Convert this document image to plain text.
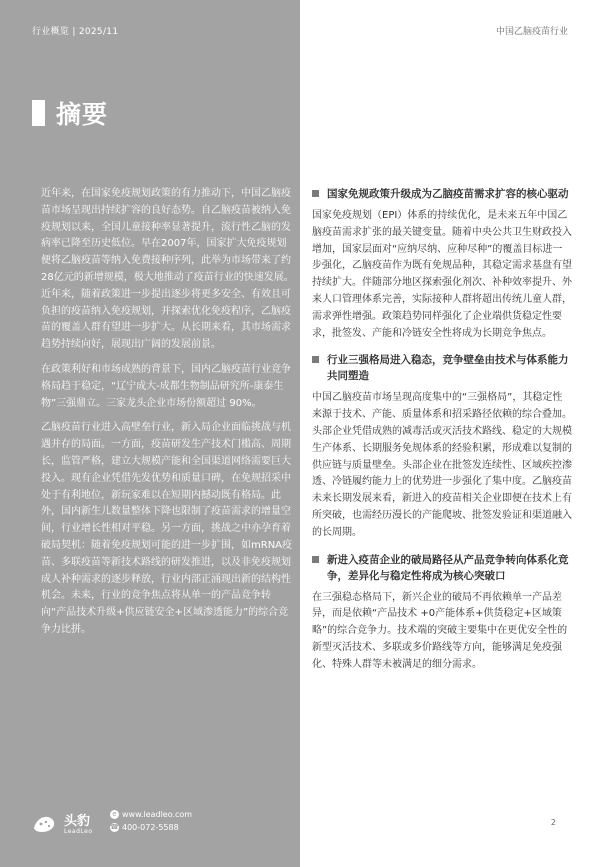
行业概览 | 2025/11	中国乙脑疫苗行业
摘要

近年来，在国家免疫规划政策的有力推动下，中国乙脑疫苗市场呈现出持续扩容的良好态势。自乙脑疫苗被纳入免疫规划以来，全国儿童接种率显著提升，流行性乙脑的发病率已降至历史低位。早在2007年，国家扩大免疫规划便将乙脑疫苗等纳入免费接种序列，此举为市场带来了约28亿元的新增规模，极大地推动了疫苗行业的快速发展。近年来，随着政策进一步提出逐步将更多安全、有效且可负担的疫苗纳入免疫规划，并探索优化免疫程序，乙脑疫苗的覆盖人群有望进一步扩大。从长期来看，其市场需求趋势持续向好，展现出广阔的发展前景。

在政策利好和市场成熟的背景下，国内乙脑疫苗行业竞争格局趋于稳定，“辽宁成大-成都生物制品研究所-康泰生物”三强鼎立。三家龙头企业市场份额超过 90%。

乙脑疫苗行业进入高壁垒行业，新入局企业面临挑战与机遇并存的局面。一方面，疫苗研发生产技术门槛高、周期长，监管严格，建立大规模产能和全国渠道网络需要巨大投入。现有企业凭借先发优势和质量口碑，在免规招采中处于有利地位，新玩家难以在短期内撼动既有格局。此外，国内新生儿数量整体下降也限制了疫苗需求的增量空间，行业增长性相对平稳。另一方面，挑战之中亦孕育着破局契机：随着免疫规划可能的进一步扩围，如mRNA疫苗、多联疫苗等新技术路线的研发推进，以及非免疫规划成人补种需求的逐步释放，行业内部正涌现出新的结构性机会。未来，行业的竞争焦点将从单一的产品竞争转向“产品技术升级+供应链安全+区域渗透能力”的综合竞争力比拼。

国家免规政策升级成为乙脑疫苗需求扩容的核心驱动

国家免疫规划（EPI）体系的持续优化，是未来五年中国乙脑疫苗需求扩张的最关键变量。随着中央公共卫生财政投入增加，国家层面对“应纳尽纳、应种尽种”的覆盖目标进一步强化，乙脑疫苗作为既有免规品种，其稳定需求基盘有望持续扩大。伴随部分地区探索强化剂次、补种效率提升、外来人口管理体系完善，实际接种人群将超出传统儿童人群，需求弹性增强。政策趋势同样强化了企业端供货稳定性要求，批签发、产能和冷链安全性将成为长期竞争焦点。

行业三强格局进入稳态，竞争壁垒由技术与体系能力共同塑造

中国乙脑疫苗市场呈现高度集中的“三强格局”，其稳定性来源于技术、产能、质量体系和招采路径依赖的综合叠加。头部企业凭借成熟的减毒活或灭活技术路线、稳定的大规模生产体系、长期服务免规体系的经验积累，形成难以复制的供应链与质量壁垒。头部企业在批签发连续性、区域疾控渗透、冷链履约能力上的优势进一步强化了集中度。乙脑疫苗未来长期发展来看，新进入的疫苗相关企业即便在技术上有所突破，也需经历漫长的产能爬坡、批签发验证和渠道融入的长周期。

新进入疫苗企业的破局路径从产品竞争转向体系化竞争，差异化与稳定性将成为核心突破口

在三强稳态格局下，新兴企业的破局不再依赖单一产品差异，而是依赖“产品技术 +0产能体系+供货稳定+区域策略”的综合竞争力。技术端的突破主要集中在更优安全性的新型灭活技术、多联或多价路线等方向，能够满足免疫强化、特殊人群等未被满足的细分需求。

头豹
LeadLeo
e www.leadleo.com
☎ 400-072-5588
2
